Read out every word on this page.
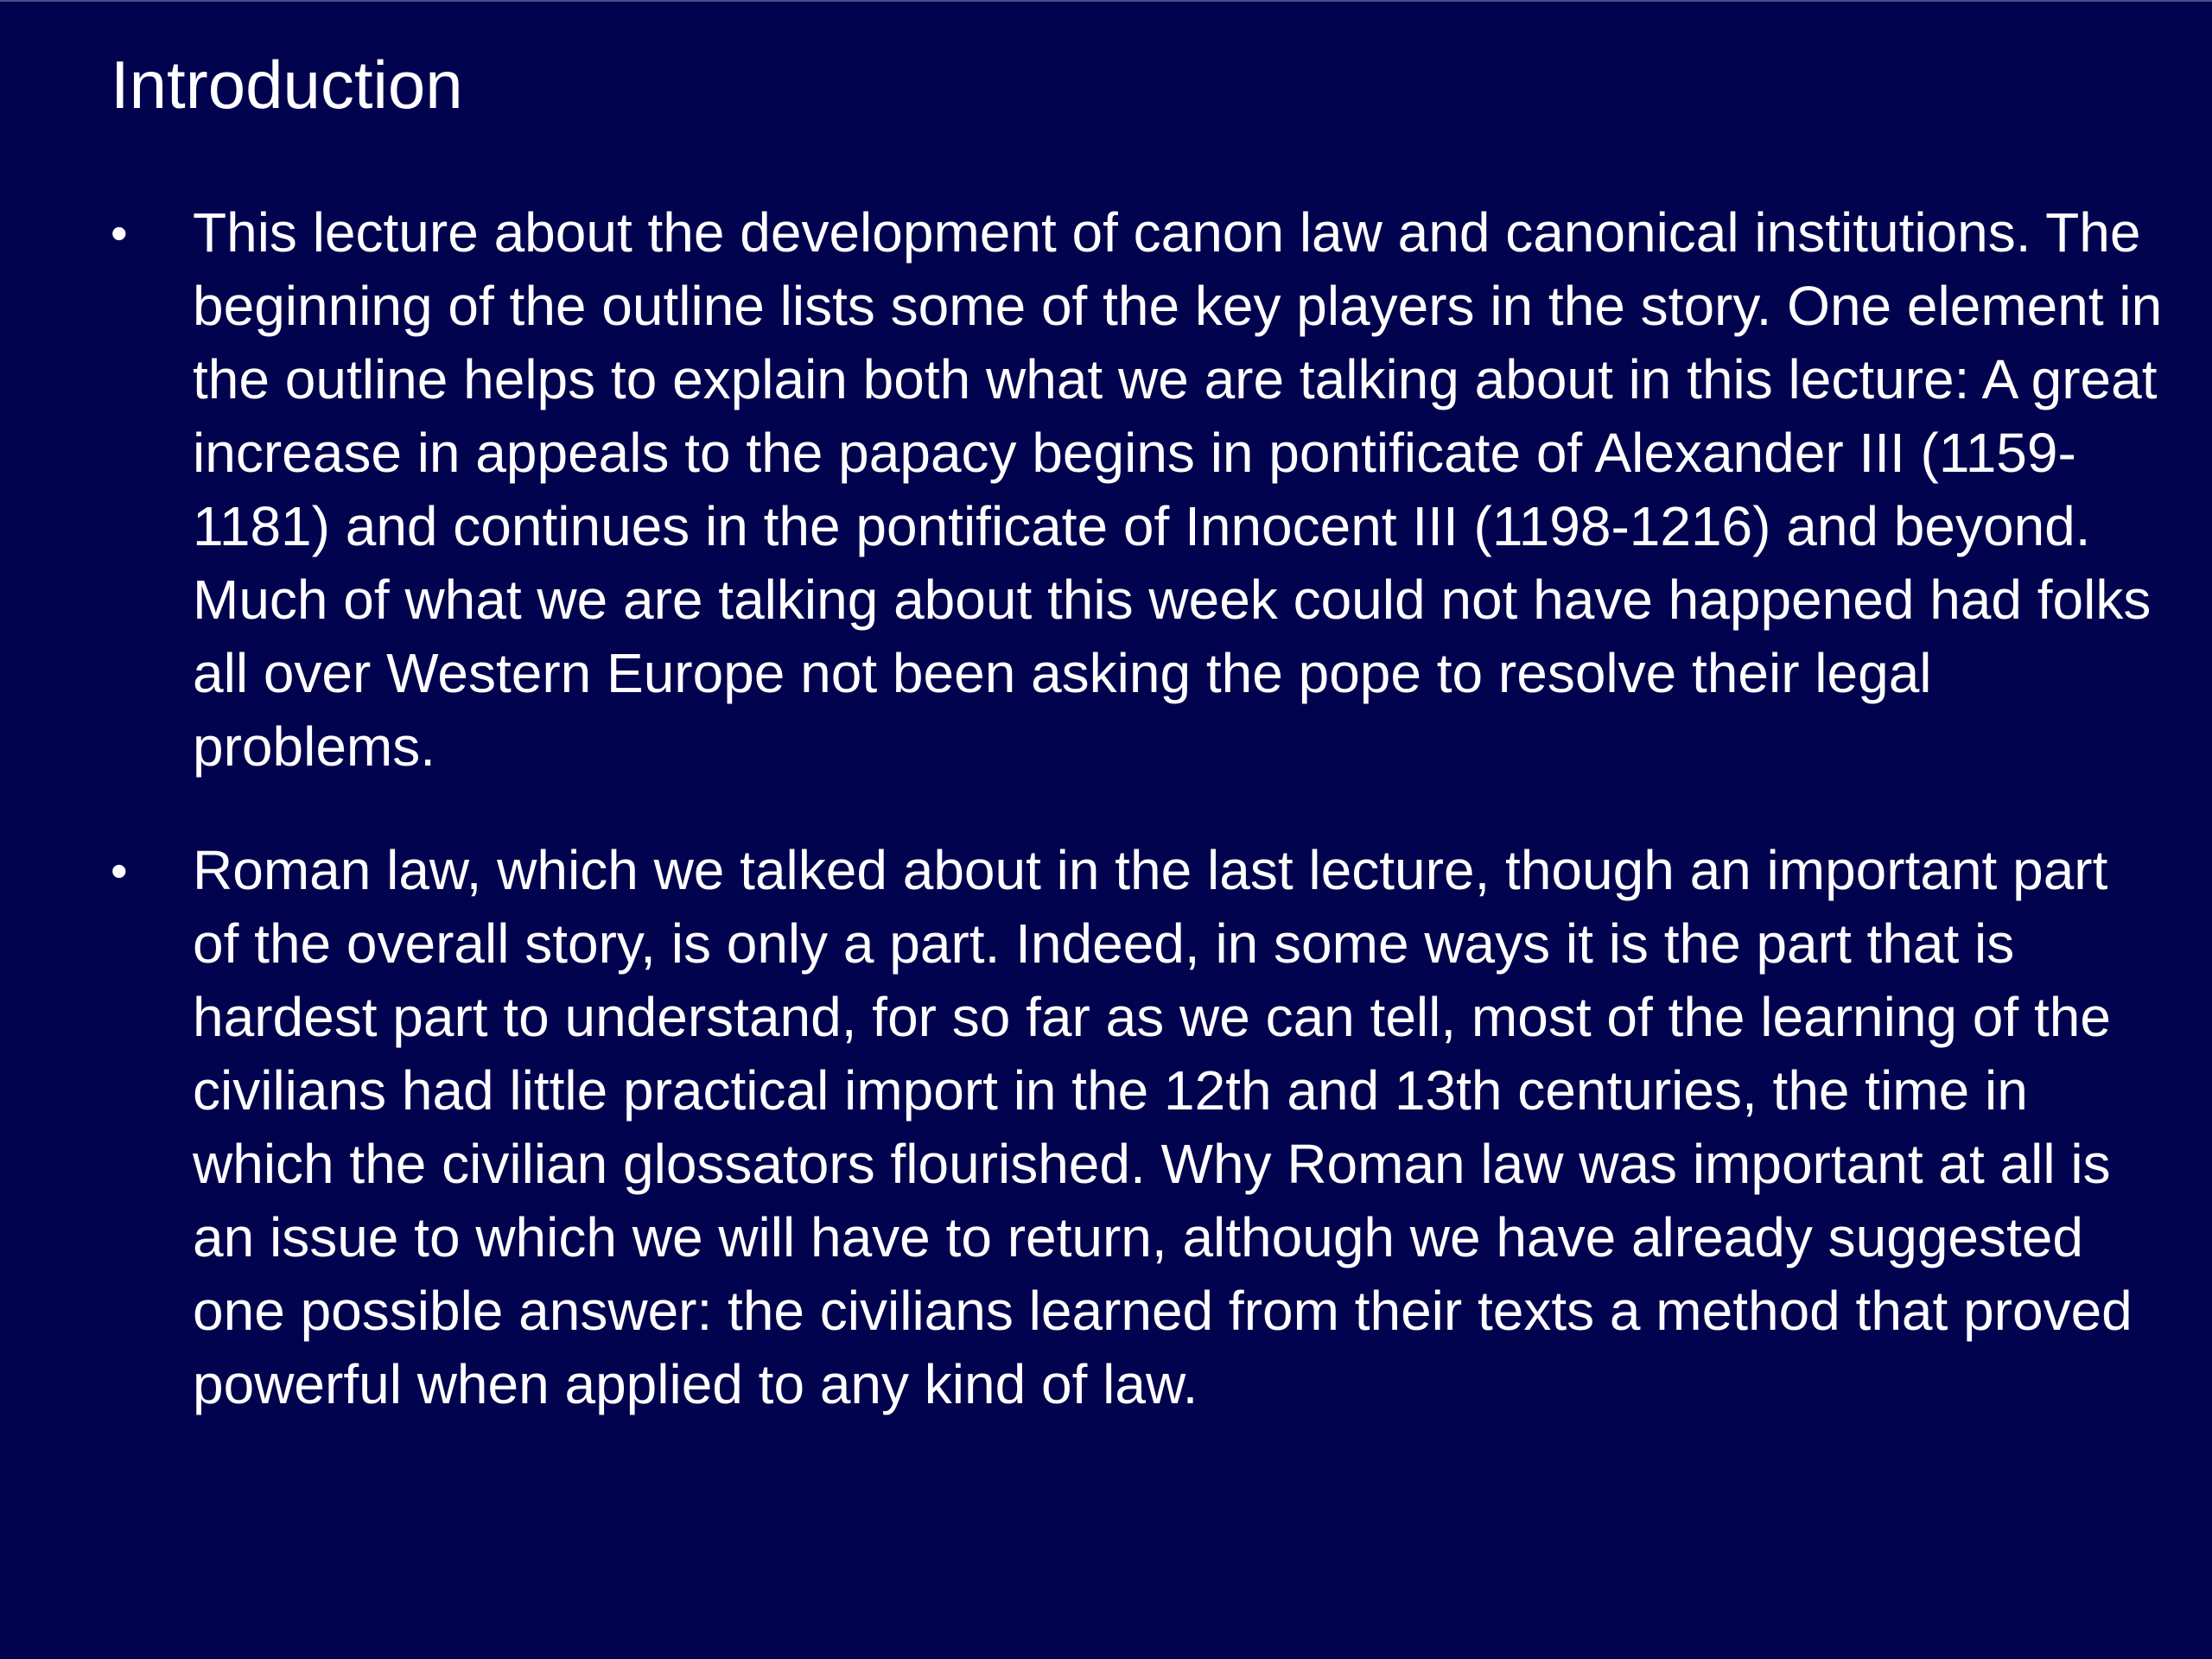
Introduction
•	This lecture about the development of canon law and canonical institutions. The beginning of the outline lists some of the key players in the story. One element in the outline helps to explain both what we are talking about in this lecture: A great increase in appeals to the papacy begins in pontificate of Alexander III (1159-1181) and continues in the pontificate of Innocent III (1198-1216) and beyond. Much of what we are talking about this week could not have happened had folks all over Western Europe not been asking the pope to resolve their legal problems.
•	Roman law, which we talked about in the last lecture, though an important part of the overall story, is only a part. Indeed, in some ways it is the part that is hardest part to understand, for so far as we can tell, most of the learning of the civilians had little practical import in the 12th and 13th centuries, the time in which the civilian glossators flourished. Why Roman law was important at all is an issue to which we will have to return, although we have already suggested one possible answer: the civilians learned from their texts a method that proved powerful when applied to any kind of law.
